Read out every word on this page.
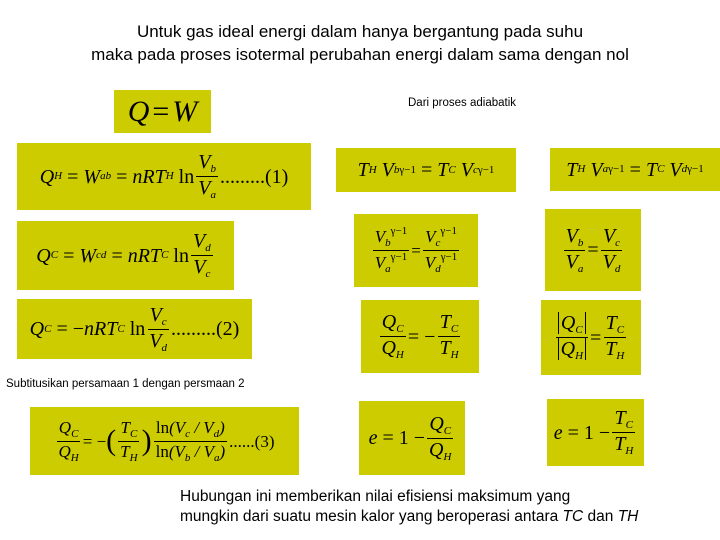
Untuk gas ideal energi dalam hanya bergantung pada suhu
maka pada proses isotermal perubahan energi dalam sama dengan nol
Q = W	Dari proses adiabatik
Q H
= W ab
= nRT H
$\ln \frac{V_b}{V_a} .........(1)$	T H V b γ−1
= T C V c γ−1	T H V a γ−1
= T C V d γ−1
Q C
= W cd
= nRT C
$\ln \frac{V_d}{V_c}$	$\frac{V_b^{\gamma-1}}{V_a^{\gamma-1}} = \frac{V_c^{\gamma-1}}{V_d^{\gamma-1}}$	$\frac{V_b}{V_a} = \frac{V_c}{V_d}$
Q C
= − nRT C
$\ln \frac{V_c}{V_d} .........(2)$	$\frac{Q_C}{Q_H}$ = − $\frac{T_C}{T_H}$	$\frac{Q_C}{Q_H} = \frac{T_C}{T_H}$
Subtitusikan persamaan 1 dengan persmaan 2
$\frac{Q_C}{Q_H}$ = − ( $\frac{T_C}{T_H}$ ) $\frac{\ln(V_c / V_d)}{\ln(V_b / V_a)} ......(3)$	e =
$1 - \frac{Q_C}{Q_H}$	e =
$1 - \frac{T_C}{T_H}$
Hubungan ini memberikan nilai efisiensi maksimum yang
mungkin dari suatu mesin kalor yang beroperasi antara TC dan TH
